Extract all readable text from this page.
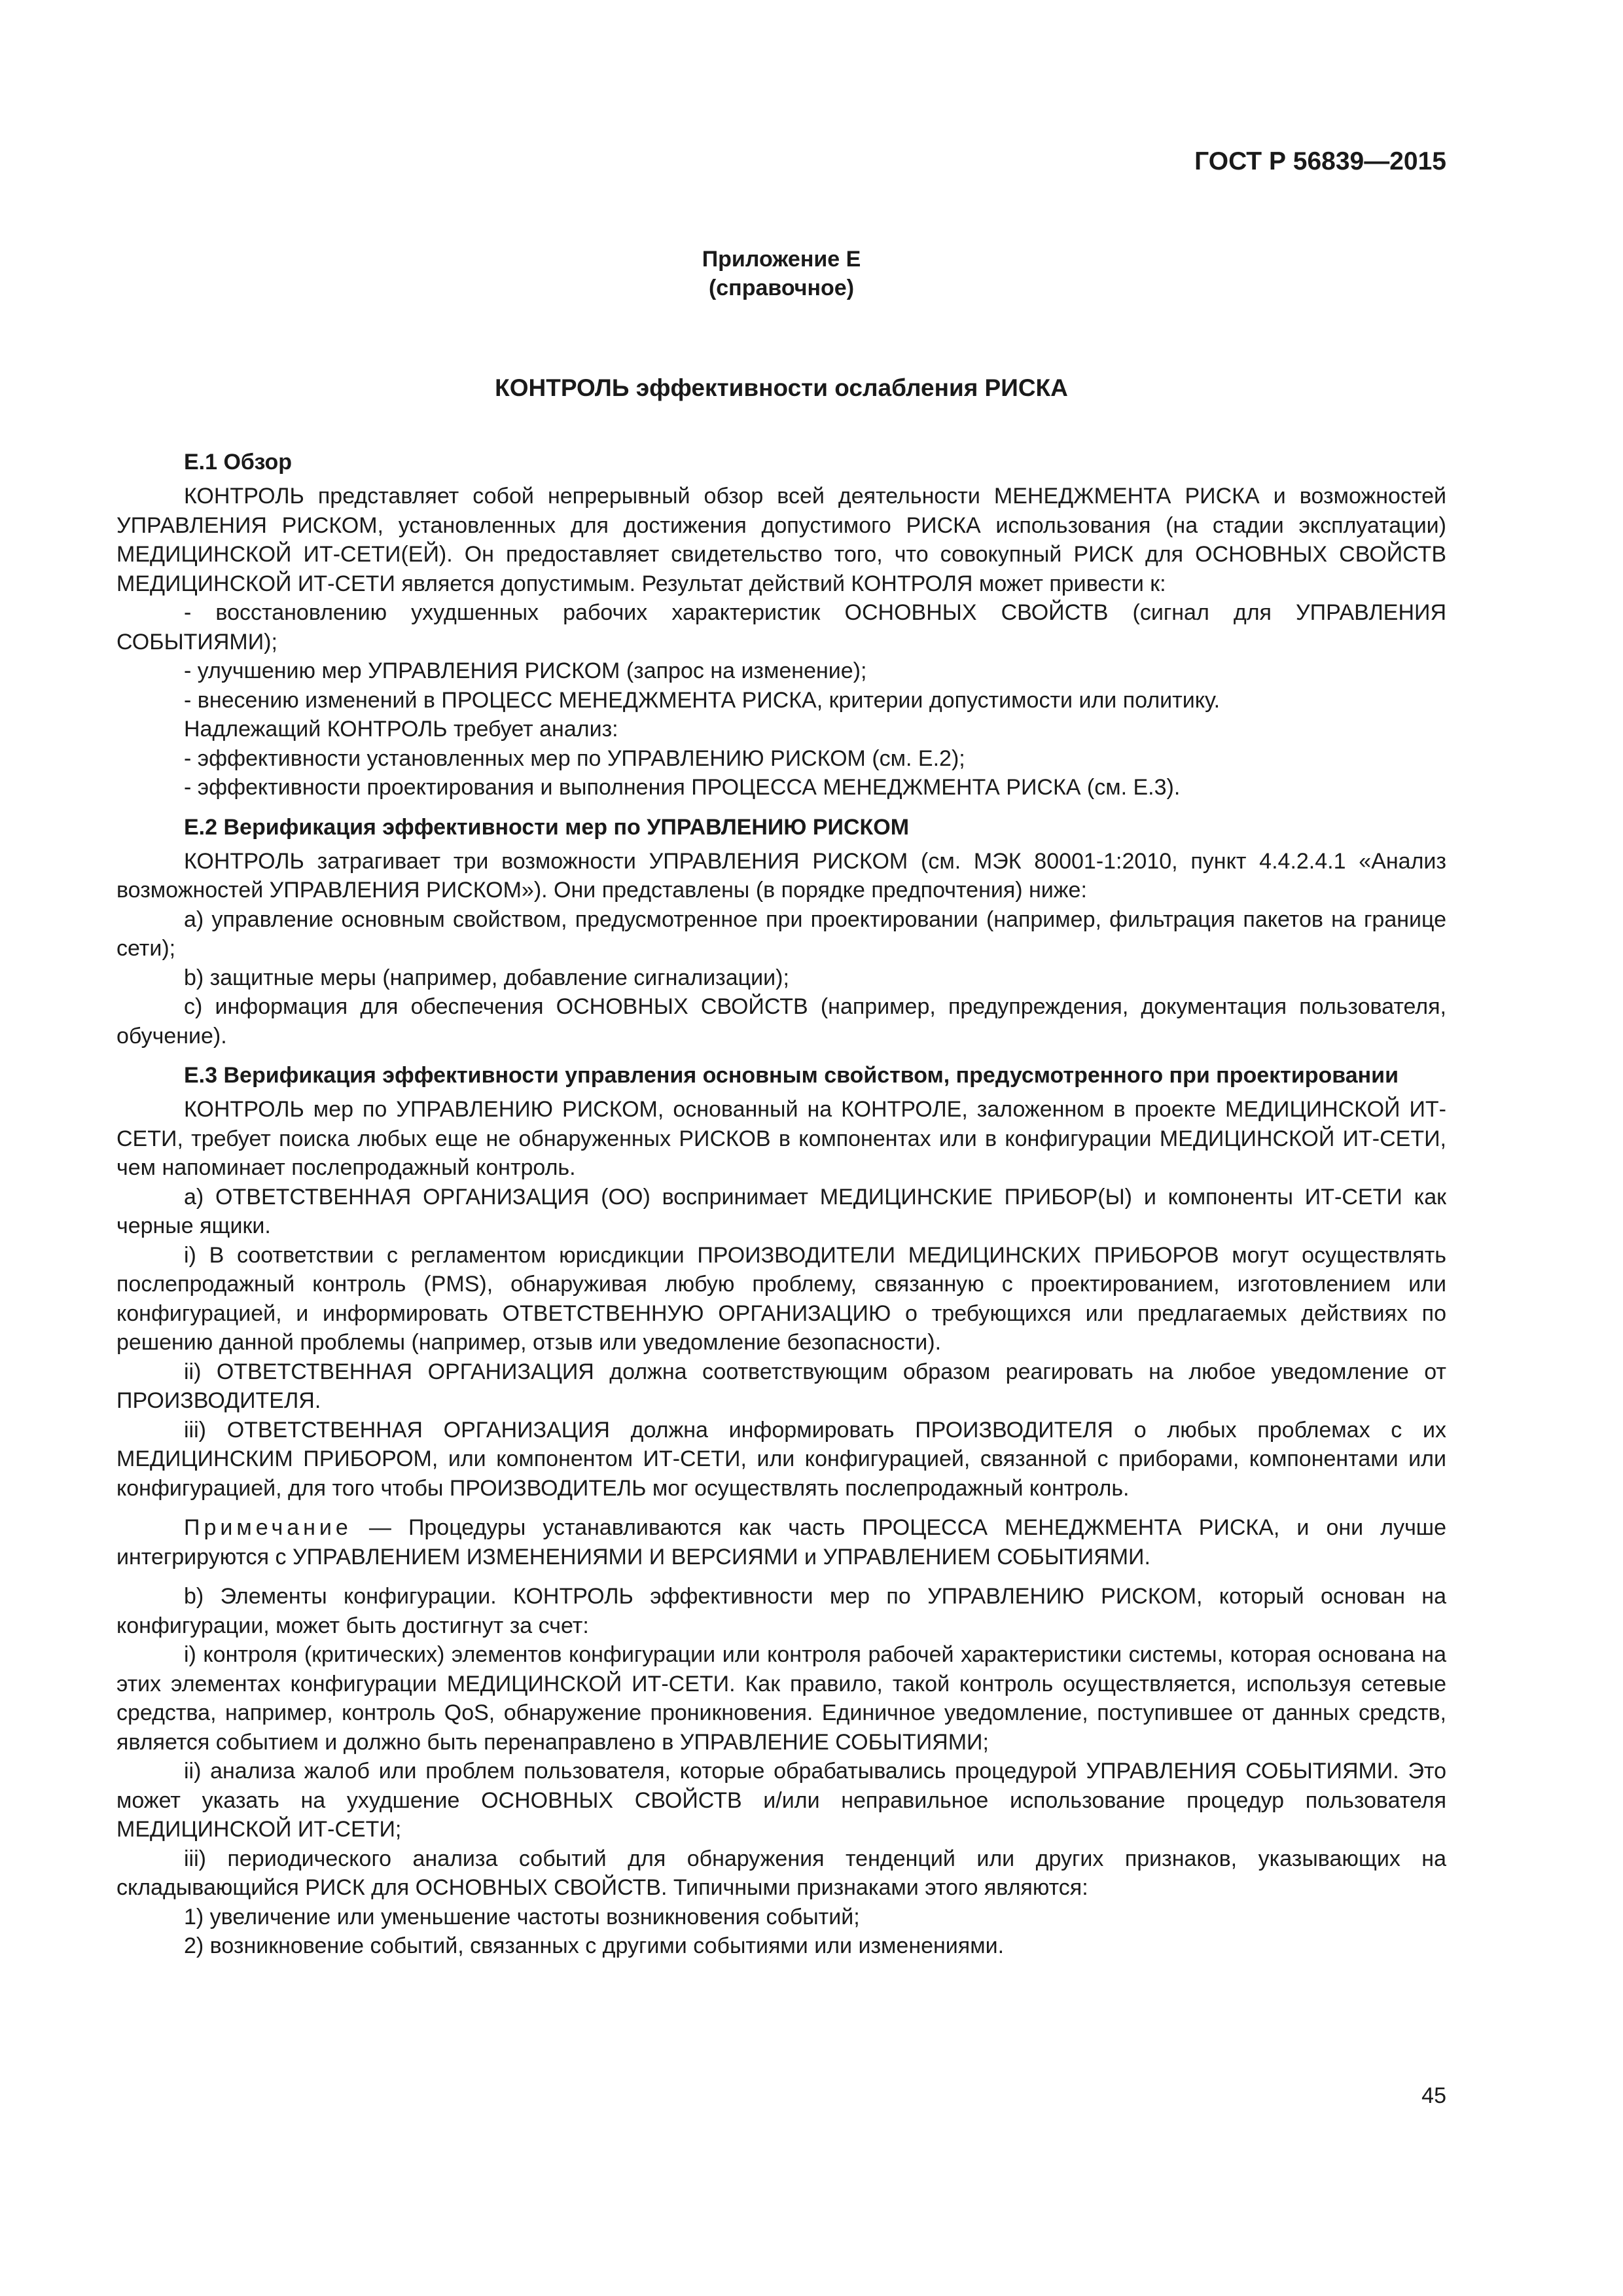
ГОСТ Р 56839—2015
Приложение Е
(справочное)
КОНТРОЛЬ эффективности ослабления РИСКА
Е.1 Обзор

КОНТРОЛЬ представляет собой непрерывный обзор всей деятельности МЕНЕДЖМЕНТА РИСКА и возможностей УПРАВЛЕНИЯ РИСКОМ, установленных для достижения допустимого РИСКА использования (на стадии эксплуатации) МЕДИЦИНСКОЙ ИТ-СЕТИ(ЕЙ). Он предоставляет свидетельство того, что совокупный РИСК для ОСНОВНЫХ СВОЙСТВ МЕДИЦИНСКОЙ ИТ-СЕТИ является допустимым. Результат действий КОНТРОЛЯ может привести к:

- восстановлению ухудшенных рабочих характеристик ОСНОВНЫХ СВОЙСТВ (сигнал для УПРАВЛЕНИЯ СОБЫТИЯМИ);

- улучшению мер УПРАВЛЕНИЯ РИСКОМ (запрос на изменение);

- внесению изменений в ПРОЦЕСС МЕНЕДЖМЕНТА РИСКА, критерии допустимости или политику.

Надлежащий КОНТРОЛЬ требует анализ:

- эффективности установленных мер по УПРАВЛЕНИЮ РИСКОМ (см. Е.2);

- эффективности проектирования и выполнения ПРОЦЕССА МЕНЕДЖМЕНТА РИСКА (см. Е.3).

Е.2 Верификация эффективности мер по УПРАВЛЕНИЮ РИСКОМ

КОНТРОЛЬ затрагивает три возможности УПРАВЛЕНИЯ РИСКОМ (см. МЭК 80001-1:2010, пункт 4.4.2.4.1 «Анализ возможностей УПРАВЛЕНИЯ РИСКОМ»). Они представлены (в порядке предпочтения) ниже:

а) управление основным свойством, предусмотренное при проектировании (например, фильтрация пакетов на границе сети);

b) защитные меры (например, добавление сигнализации);

с) информация для обеспечения ОСНОВНЫХ СВОЙСТВ (например, предупреждения, документация пользователя, обучение).

Е.3 Верификация эффективности управления основным свойством, предусмотренного при проектировании

КОНТРОЛЬ мер по УПРАВЛЕНИЮ РИСКОМ, основанный на КОНТРОЛЕ, заложенном в проекте МЕДИЦИНСКОЙ ИТ-СЕТИ, требует поиска любых еще не обнаруженных РИСКОВ в компонентах или в конфигурации МЕДИЦИНСКОЙ ИТ-СЕТИ, чем напоминает послепродажный контроль.

а) ОТВЕТСТВЕННАЯ ОРГАНИЗАЦИЯ (ОО) воспринимает МЕДИЦИНСКИЕ ПРИБОР(Ы) и компоненты ИТ-СЕТИ как черные ящики.

i) В соответствии с регламентом юрисдикции ПРОИЗВОДИТЕЛИ МЕДИЦИНСКИХ ПРИБОРОВ могут осуществлять послепродажный контроль (PMS), обнаруживая любую проблему, связанную с проектированием, изготовлением или конфигурацией, и информировать ОТВЕТСТВЕННУЮ ОРГАНИЗАЦИЮ о требующихся или предлагаемых действиях по решению данной проблемы (например, отзыв или уведомление безопасности).

ii) ОТВЕТСТВЕННАЯ ОРГАНИЗАЦИЯ должна соответствующим образом реагировать на любое уведомление от ПРОИЗВОДИТЕЛЯ.

iii) ОТВЕТСТВЕННАЯ ОРГАНИЗАЦИЯ должна информировать ПРОИЗВОДИТЕЛЯ о любых проблемах с их МЕДИЦИНСКИМ ПРИБОРОМ, или компонентом ИТ-СЕТИ, или конфигурацией, связанной с приборами, компонентами или конфигурацией, для того чтобы ПРОИЗВОДИТЕЛЬ мог осуществлять послепродажный контроль.

Примечание — Процедуры устанавливаются как часть ПРОЦЕССА МЕНЕДЖМЕНТА РИСКА, и они лучше интегрируются с УПРАВЛЕНИЕМ ИЗМЕНЕНИЯМИ И ВЕРСИЯМИ и УПРАВЛЕНИЕМ СОБЫТИЯМИ.

b) Элементы конфигурации. КОНТРОЛЬ эффективности мер по УПРАВЛЕНИЮ РИСКОМ, который основан на конфигурации, может быть достигнут за счет:

i) контроля (критических) элементов конфигурации или контроля рабочей характеристики системы, которая основана на этих элементах конфигурации МЕДИЦИНСКОЙ ИТ-СЕТИ. Как правило, такой контроль осуществляется, используя сетевые средства, например, контроль QoS, обнаружение проникновения. Единичное уведомление, поступившее от данных средств, является событием и должно быть перенаправлено в УПРАВЛЕНИЕ СОБЫТИЯМИ;

ii) анализа жалоб или проблем пользователя, которые обрабатывались процедурой УПРАВЛЕНИЯ СОБЫТИЯМИ. Это может указать на ухудшение ОСНОВНЫХ СВОЙСТВ и/или неправильное использование процедур пользователя МЕДИЦИНСКОЙ ИТ-СЕТИ;

iii) периодического анализа событий для обнаружения тенденций или других признаков, указывающих на складывающийся РИСК для ОСНОВНЫХ СВОЙСТВ. Типичными признаками этого являются:

1) увеличение или уменьшение частоты возникновения событий;

2) возникновение событий, связанных с другими событиями или изменениями.

45
